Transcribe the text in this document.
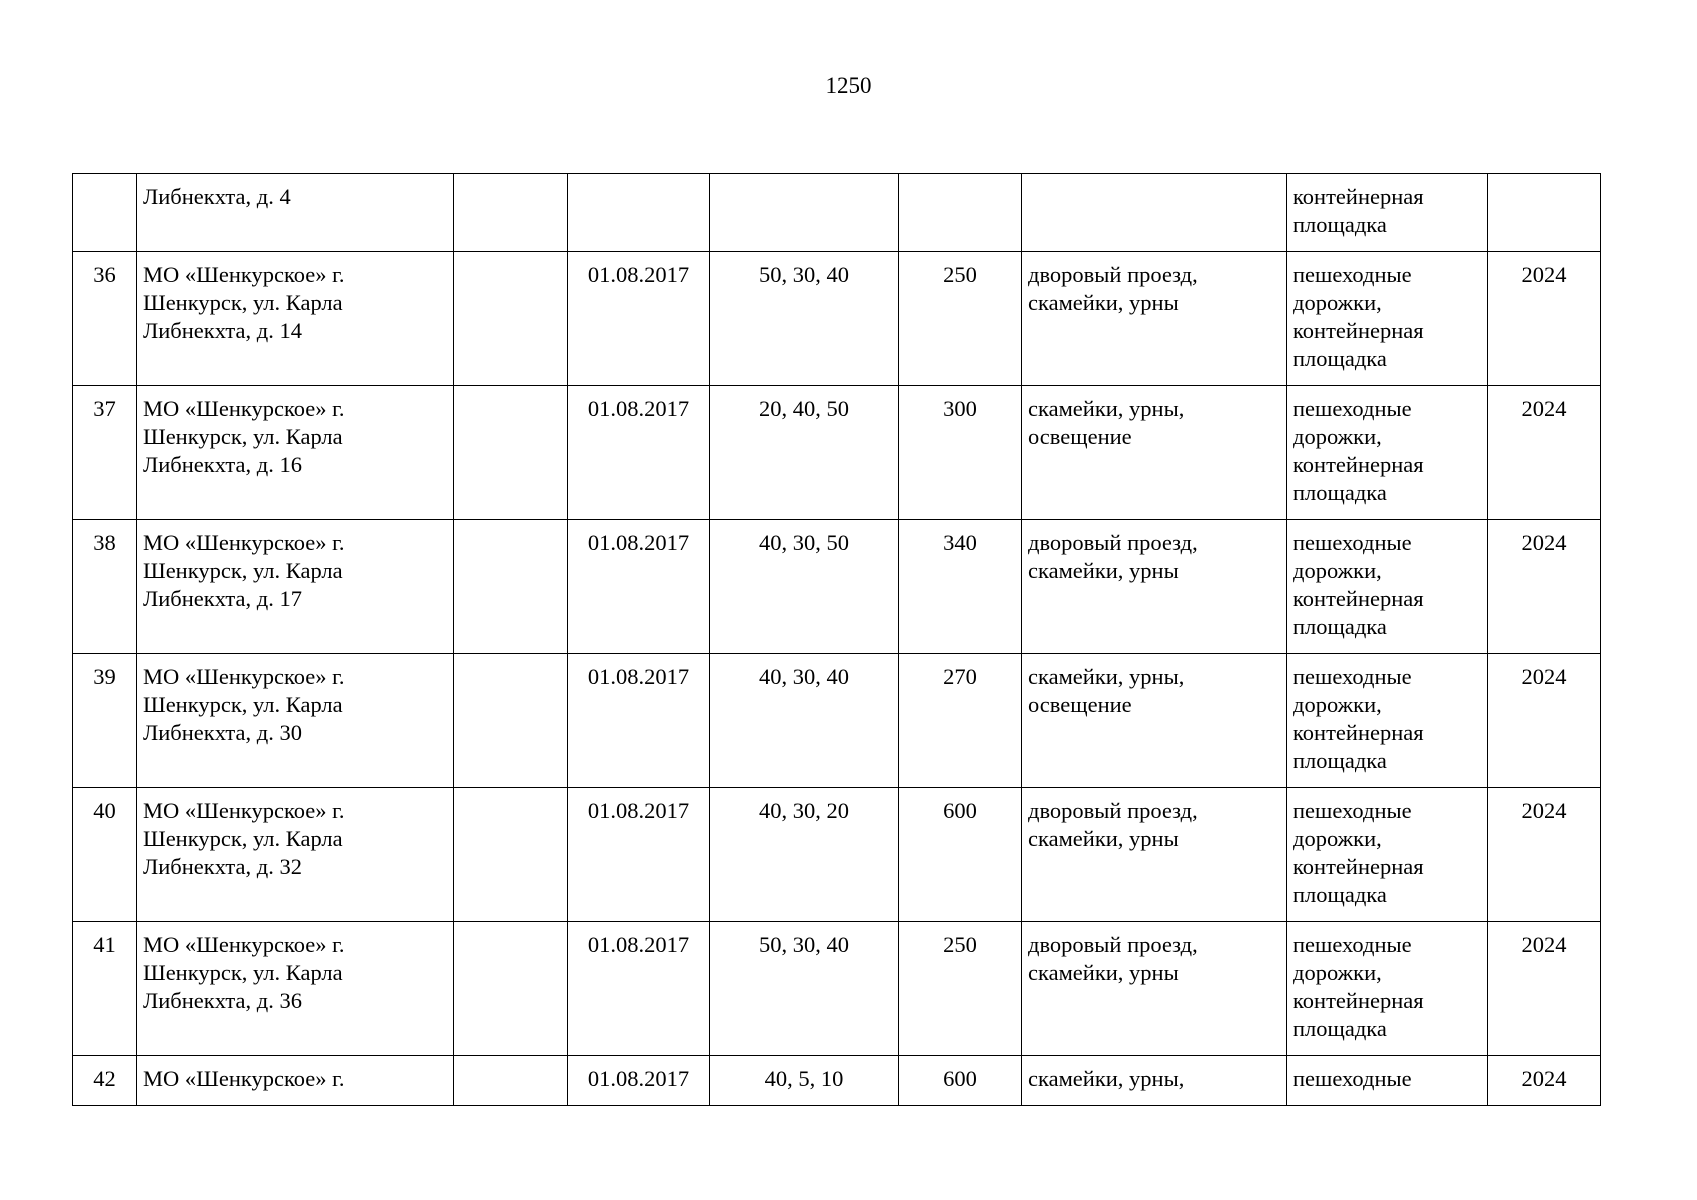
1250

	Либнекхта, д. 4						контейнерная
площадка	

36	МО «Шенкурское» г.
Шенкурск, ул. Карла
Либнекхта, д. 14		01.08.2017	50, 30, 40	250	дворовый проезд,
скамейки, урны	пешеходные
дорожки,
контейнерная
площадка	2024
37	МО «Шенкурское» г.
Шенкурск, ул. Карла
Либнекхта, д. 16		01.08.2017	20, 40, 50	300	скамейки, урны,
освещение	пешеходные
дорожки,
контейнерная
площадка	2024
38	МО «Шенкурское» г.
Шенкурск, ул. Карла
Либнекхта, д. 17		01.08.2017	40, 30, 50	340	дворовый проезд,
скамейки, урны	пешеходные
дорожки,
контейнерная
площадка	2024
39	МО «Шенкурское» г.
Шенкурск, ул. Карла
Либнекхта, д. 30		01.08.2017	40, 30, 40	270	скамейки, урны,
освещение	пешеходные
дорожки,
контейнерная
площадка	2024
40	МО «Шенкурское» г.
Шенкурск, ул. Карла
Либнекхта, д. 32		01.08.2017	40, 30, 20	600	дворовый проезд,
скамейки, урны	пешеходные
дорожки,
контейнерная
площадка	2024
41	МО «Шенкурское» г.
Шенкурск, ул. Карла
Либнекхта, д. 36		01.08.2017	50, 30, 40	250	дворовый проезд,
скамейки, урны	пешеходные
дорожки,
контейнерная
площадка	2024
42	МО «Шенкурское» г.		01.08.2017	40, 5, 10	600	скамейки, урны,	пешеходные	2024
